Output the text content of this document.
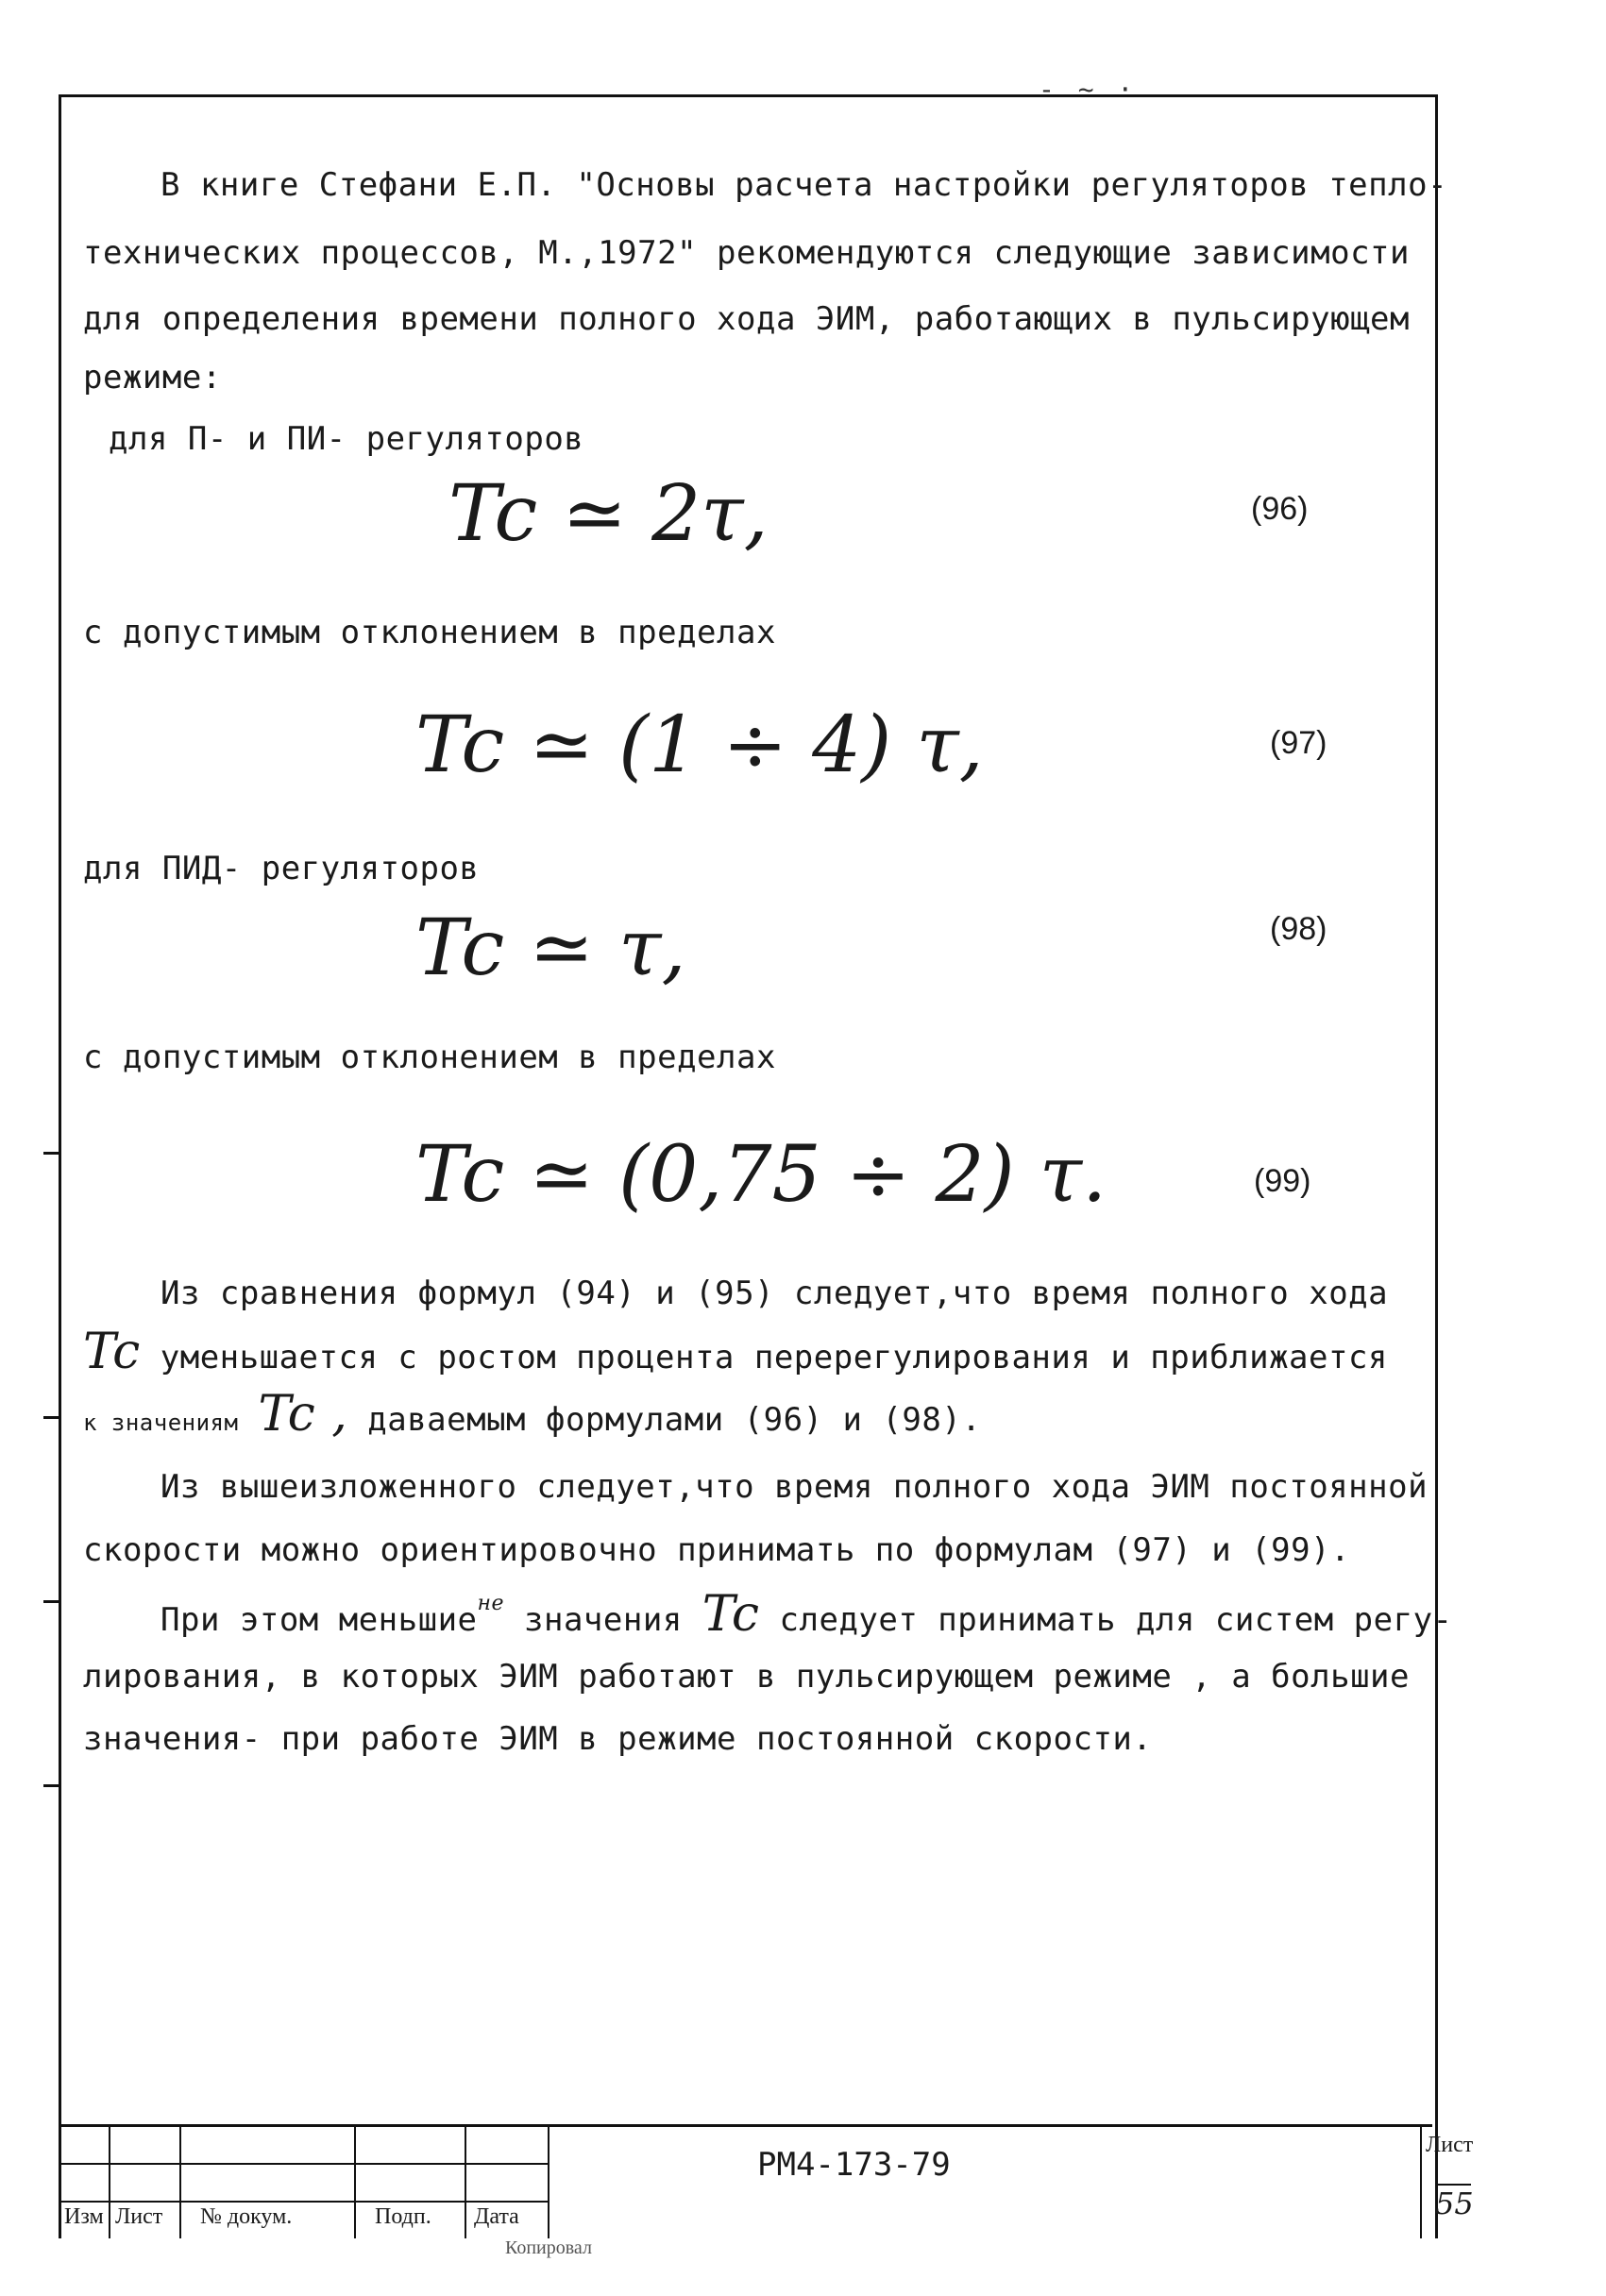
- ~ ·
В книге Стефани Е.П. "Основы расчета настройки регуляторов тепло-
технических процессов, М.,1972" рекомендуются следующие зависимости
для определения времени полного хода ЭИМ, работающих в пульсирующем
режиме:
для П- и ПИ- регуляторов
Tc ≃ 2τ,	(96)
с допустимым отклонением в пределах
Tc ≃ (1 ÷ 4) τ,	(97)
для ПИД- регуляторов
Tc ≃ τ,	(98)
с допустимым отклонением в пределах
Tc ≃ (0,75 ÷ 2) τ.	(99)
Из сравнения формул (94) и (95) следует,что время полного хода
Tc уменьшается с ростом процента перерегулирования и приближается
к значениям Tc , даваемым формулами (96) и (98).
Из вышеизложенного следует,что время полного хода ЭИМ постоянной
скорости можно ориентировочно принимать по формулам (97) и (99).
При этом меньшие$^{не}$ значения Tc следует принимать для систем регу-
лирования, в которых ЭИМ работают в пульсирующем режиме , а большие
значения- при работе ЭИМ в режиме постоянной скорости.
Изм Лист № докум.	Подп. Дата
РМ4-173-79
Лист
55
Копировал
